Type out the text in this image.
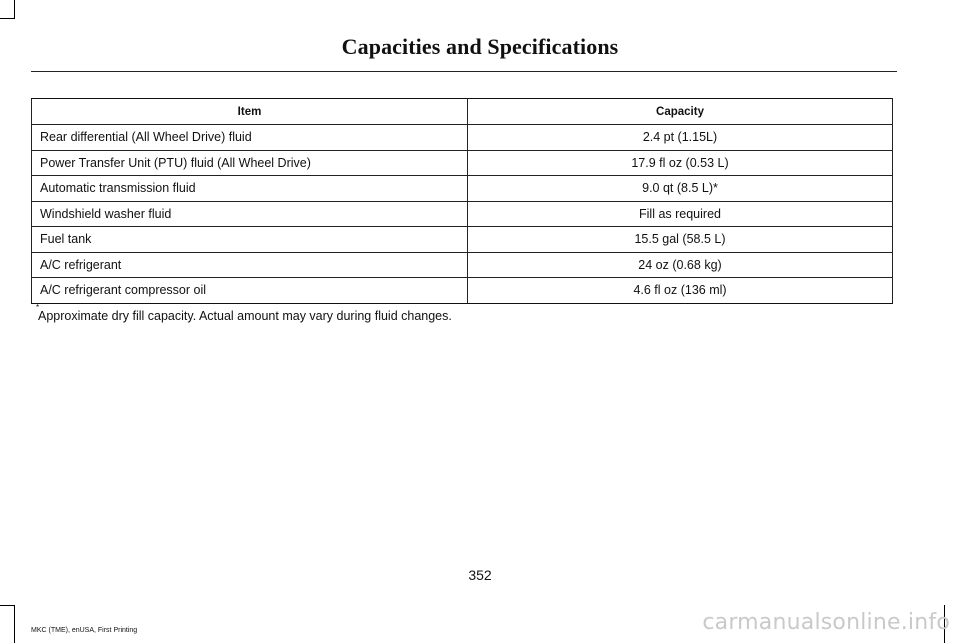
Capacities and Specifications
Item	Capacity
Rear differential (All Wheel Drive) fluid	2.4 pt (1.15L)
Power Transfer Unit (PTU) fluid (All Wheel Drive)	17.9 fl oz (0.53 L)
Automatic transmission fluid	9.0 qt (8.5 L)*
Windshield washer fluid	Fill as required
Fuel tank	15.5 gal (58.5 L)
A/C refrigerant	24 oz (0.68 kg)
A/C refrigerant compressor oil	4.6 fl oz (136 ml)
*
Approximate dry fill capacity. Actual amount may vary during fluid changes.
352
MKC (TME), enUSA, First Printing	carmanualsonline.info
